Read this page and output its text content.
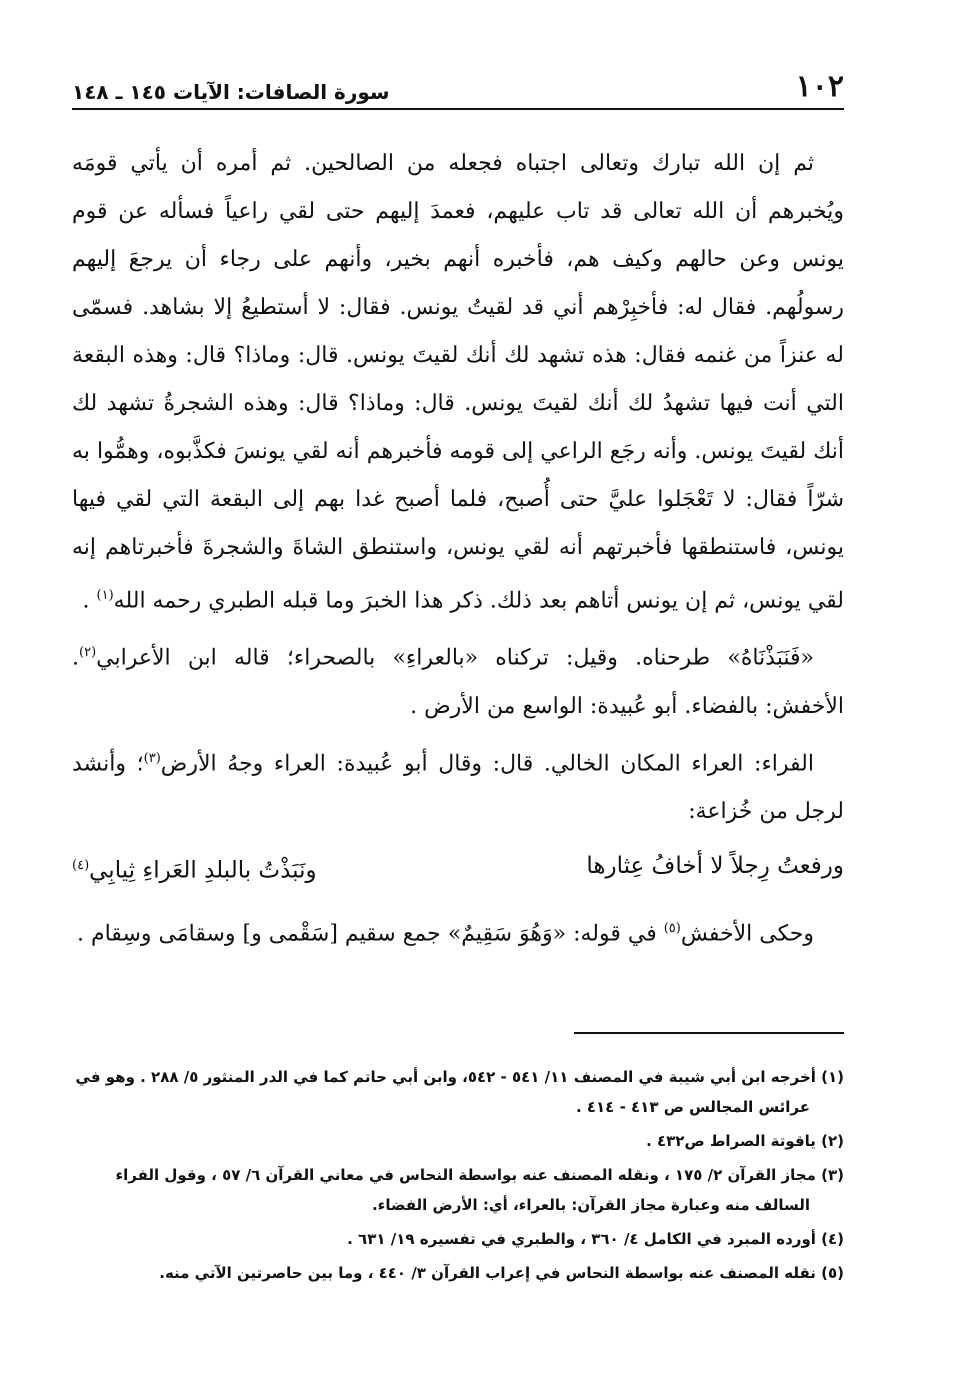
١٠٢
سورة الصافات: الآيات ١٤٥ ـ ١٤٨

ثم إن الله تبارك وتعالى اجتباه فجعله من الصالحين. ثم أمره أن يأتي قومَه ويُخبرهم أن الله تعالى قد تاب عليهم، فعمدَ إليهم حتى لقي راعياً فسأله عن قوم يونس وعن حالهم وكيف هم، فأخبره أنهم بخير، وأنهم على رجاء أن يرجعَ إليهم رسولُهم. فقال له: فأخبِرْهم أني قد لقيتُ يونس. فقال: لا أستطيعُ إلا بشاهد. فسمّى له عنزاً من غنمه فقال: هذه تشهد لك أنك لقيتَ يونس. قال: وماذا؟ قال: وهذه البقعة التي أنت فيها تشهدُ لك أنك لقيتَ يونس. قال: وماذا؟ قال: وهذه الشجرةُ تشهد لك أنك لقيتَ يونس. وأنه رجَع الراعي إلى قومه فأخبرهم أنه لقي يونسَ فكذَّبوه، وهمُّوا به شرّاً فقال: لا تَعْجَلوا عليَّ حتى أُصبح، فلما أصبح غدا بهم إلى البقعة التي لقي فيها يونس، فاستنطقها فأخبرتهم أنه لقي يونس، واستنطق الشاةَ والشجرةَ فأخبرتاهم إنه لقي يونس، ثم إن يونس أتاهم بعد ذلك. ذكر هذا الخبرَ وما قبله الطبري رحمه الله$^{(١)}$ .

«فَنَبَذْنَاهُ» طرحناه. وقيل: تركناه «بالعراءِ» بالصحراء؛ قاله ابن الأعرابي$^{(٢)}$. الأخفش: بالفضاء. أبو عُبيدة: الواسع من الأرض .

الفراء: العراء المكان الخالي. قال: وقال أبو عُبيدة: العراء وجهُ الأرض$^{(٣)}$؛ وأنشد لرجل من خُزاعة:

ورفعتُ رِجلاً لا أخافُ عِثارها
ونَبَذْتُ بالبلدِ العَراءِ ثِيابِي$^{(٤)}$

وحكى الأخفش$^{(٥)}$ في قوله: «وَهُوَ سَقِيمٌ» جمع سقيم [سَقْمى و] وسقامَى وسِقام .

(١) أخرجه ابن أبي شيبة في المصنف ١١/ ٥٤١ - ٥٤٢، وابن أبي حاتم كما في الدر المنثور ٥/ ٢٨٨ . وهو في عرائس المجالس ص ٤١٣ - ٤١٤ .

(٢) ياقوتة الصراط ص٤٣٢ .

(٣) مجاز القرآن ٢/ ١٧٥ ، ونقله المصنف عنه بواسطة النحاس في معاني القرآن ٦/ ٥٧ ، وقول الفراء السالف منه وعبارة مجاز القرآن: بالعراء، أي: الأرض الفضاء.

(٤) أورده المبرد في الكامل ٤/ ٣٦٠ ، والطبري في تفسيره ١٩/ ٦٣١ .

(٥) نقله المصنف عنه بواسطة النحاس في إعراب القرآن ٣/ ٤٤٠ ، وما بين حاصرتين الآتي منه.
